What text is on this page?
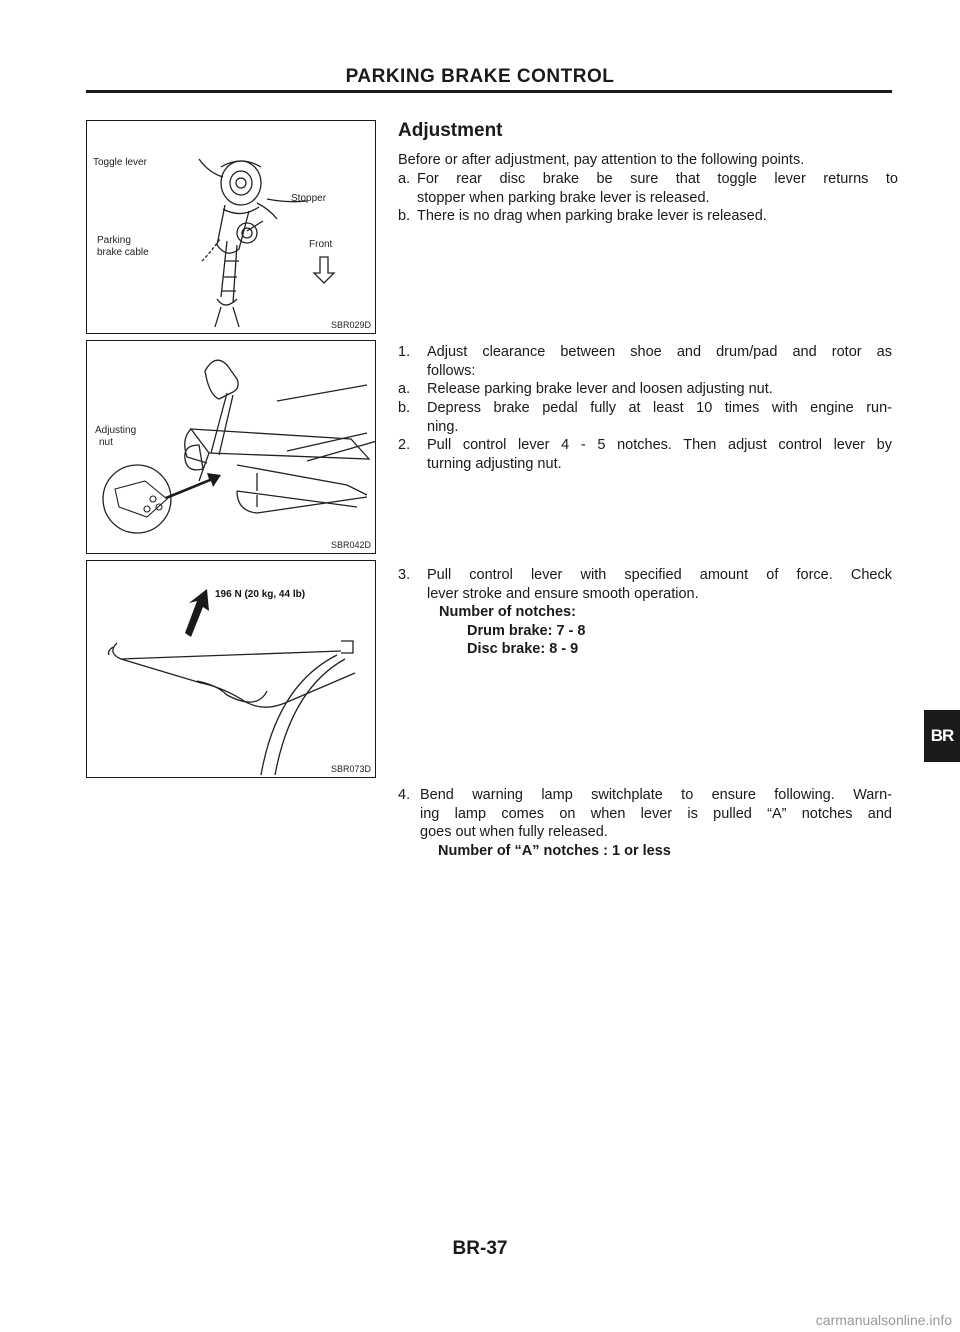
PARKING BRAKE CONTROL
Toggle lever
Stopper
Parking
brake cable
Front
SBR029D
Adjusting
nut
SBR042D
196 N (20 kg, 44 lb)
SBR073D
Adjustment
Before or after adjustment, pay attention to the following points.
a. For rear disc brake be sure that toggle lever returns to
stopper when parking brake lever is released.
b. There is no drag when parking brake lever is released.
1. Adjust clearance between shoe and drum/pad and rotor as
follows:
a. Release parking brake lever and loosen adjusting nut.
b. Depress brake pedal fully at least 10 times with engine run-
ning.
2. Pull control lever 4 - 5 notches. Then adjust control lever by
turning adjusting nut.
3. Pull control lever with specified amount of force. Check
lever stroke and ensure smooth operation.
Number of notches:
Drum brake: 7 - 8
Disc brake: 8 - 9
4. Bend warning lamp switchplate to ensure following. Warn-
ing lamp comes on when lever is pulled “A” notches and
goes out when fully released.
Number of “A” notches : 1 or less
BR
BR-37
carmanualsonline.info
